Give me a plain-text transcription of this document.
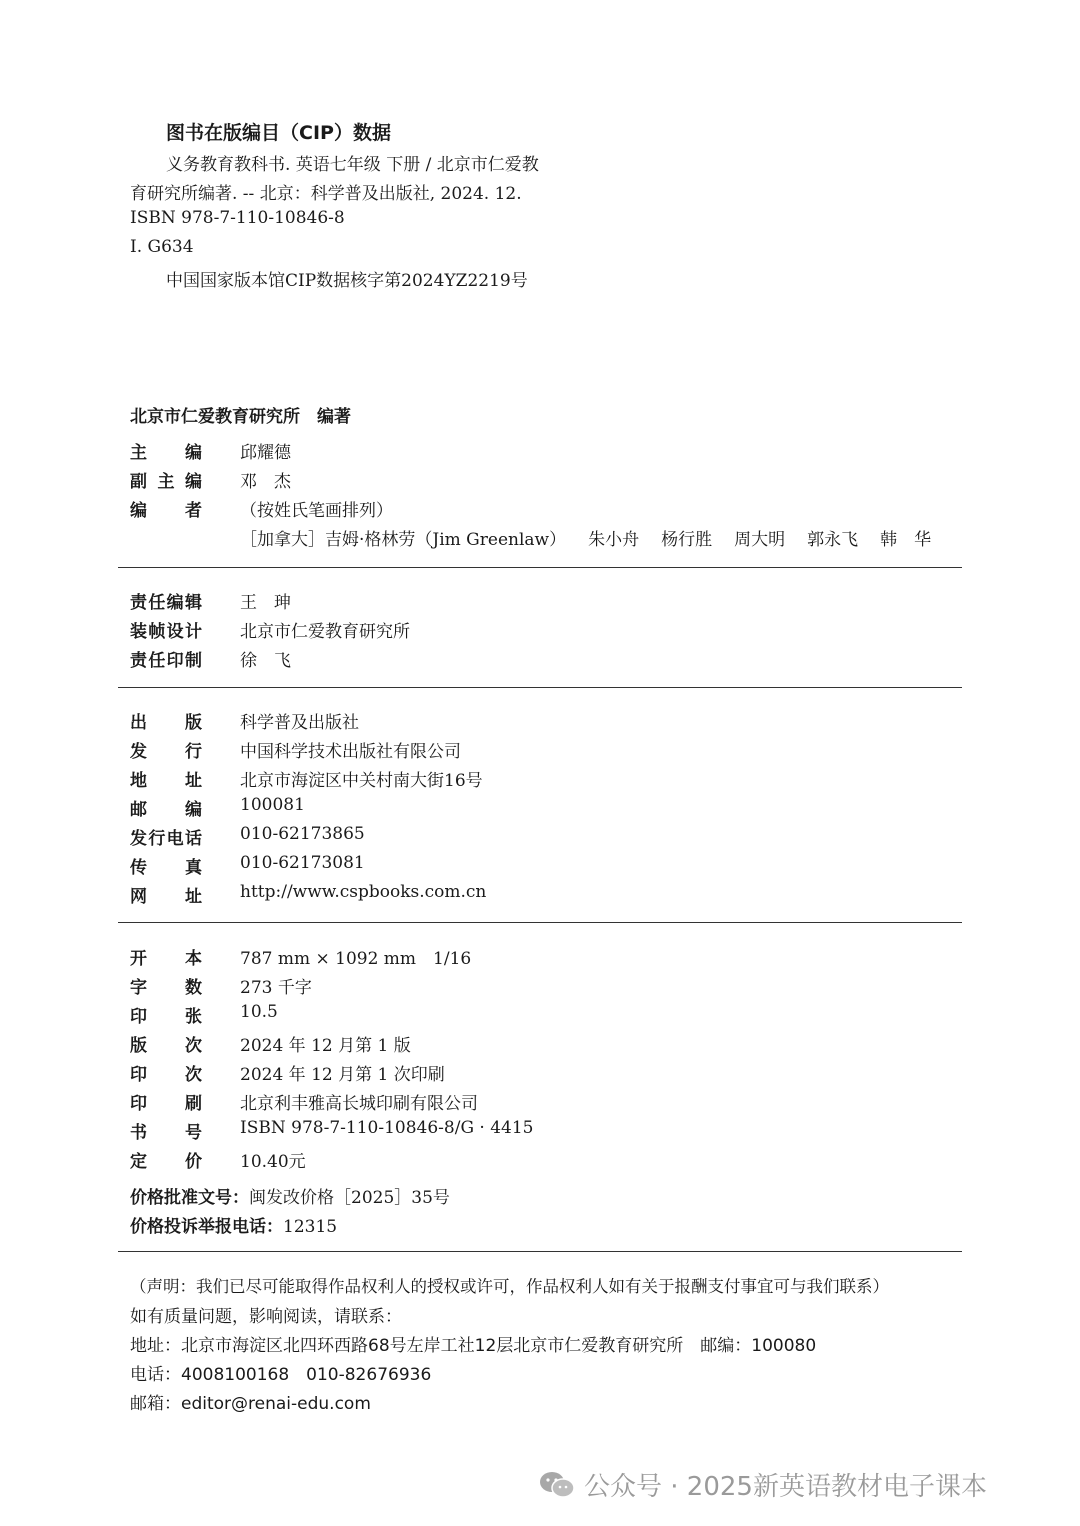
图书在版编目（CIP）数据
义务教育教科书. 英语七年级 下册 / 北京市仁爱教
育研究所编著. -- 北京：科学普及出版社, 2024. 12.
ISBN 978-7-110-10846-8
Ⅰ. G634
中国国家版本馆CIP数据核字第2024YZ2219号
北京市仁爱教育研究所　编著
主 编 邱耀德
副 主 编 邓　杰
编 者 （按姓氏笔画排列）
［加拿大］吉姆·格林劳（Jim Greenlaw） 朱小舟 杨行胜 周大明 郭永飞 韩　华
责 任 编 辑 王　珅
装 帧 设 计 北京市仁爱教育研究所
责 任 印 制 徐　飞
出 版 科学普及出版社
发 行 中国科学技术出版社有限公司
地 址 北京市海淀区中关村南大街16号
邮 编 100081
发 行 电 话 010-62173865
传 真 010-62173081
网 址 http://www.cspbooks.com.cn
开 本 787 mm × 1092 mm　1/16
字 数 273 千字
印 张 10.5
版 次 2024 年 12 月第 1 版
印 次 2024 年 12 月第 1 次印刷
印 刷 北京利丰雅高长城印刷有限公司
书 号 ISBN 978-7-110-10846-8/G · 4415
定 价 10.40元
价格批准文号：闽发改价格［2025］35号
价格投诉举报电话：12315
（声明：我们已尽可能取得作品权利人的授权或许可，作品权利人如有关于报酬支付事宜可与我们联系）
如有质量问题，影响阅读，请联系：
地址：北京市海淀区北四环西路68号左岸工社12层北京市仁爱教育研究所　邮编：100080
电话：4008100168　010-82676936
邮箱：editor@renai-edu.com
公众号 · 2025新英语教材电子课本
